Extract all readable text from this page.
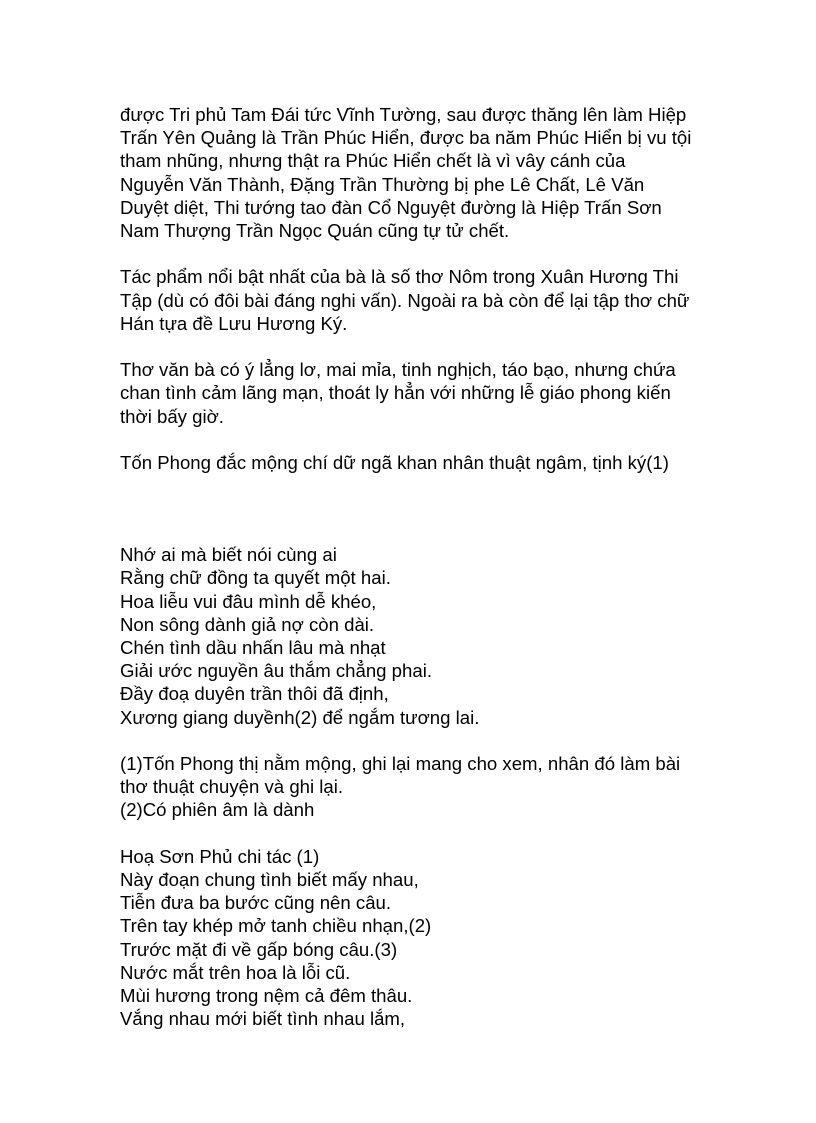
được Tri phủ Tam Đái tức Vĩnh Tường, sau được thăng lên làm Hiệp
Trấn Yên Quảng là Trần Phúc Hiển, được ba năm Phúc Hiển bị vu tội
tham nhũng, nhưng thật ra Phúc Hiển chết là vì vây cánh của
Nguyễn Văn Thành, Đặng Trần Thường bị phe Lê Chất, Lê Văn
Duyệt diệt, Thi tướng tao đàn Cổ Nguyệt đường là Hiệp Trấn Sơn
Nam Thượng Trần Ngọc Quán cũng tự tử chết.

Tác phẩm nổi bật nhất của bà là số thơ Nôm trong Xuân Hương Thi
Tập (dù có đôi bài đáng nghi vấn). Ngoài ra bà còn để lại tập thơ chữ
Hán tựa đề Lưu Hương Ký.

Thơ văn bà có ý lẳng lơ, mai mỉa, tinh nghịch, táo bạo, nhưng chứa
chan tình cảm lãng mạn, thoát ly hẳn với những lễ giáo phong kiến
thời bấy giờ.

Tốn Phong đắc mộng chí dữ ngã khan nhân thuật ngâm, tịnh ký(1)

Nhớ ai mà biết nói cùng ai
Rằng chữ đồng ta quyết một hai.
Hoa liễu vui đâu mình dễ khéo,
Non sông dành giả nợ còn dài.
Chén tình dầu nhấn lâu mà nhạt
Giải ước nguyền âu thắm chẳng phai.
Đầy đoạ duyên trần thôi đã định,
Xương giang duyềnh(2) để ngắm tương lai.

(1)Tốn Phong thị nằm mộng, ghi lại mang cho xem, nhân đó làm bài
thơ thuật chuyện và ghi lại.
(2)Có phiên âm là dành

Hoạ Sơn Phủ chi tác (1)
Này đoạn chung tình biết mấy nhau,
Tiễn đưa ba bước cũng nên câu.
Trên tay khép mở tanh chiều nhạn,(2)
Trước mặt đi về gấp bóng câu.(3)
Nước mắt trên hoa là lỗi cũ.
Mùi hương trong nệm cả đêm thâu.
Vắng nhau mới biết tình nhau lắm,
